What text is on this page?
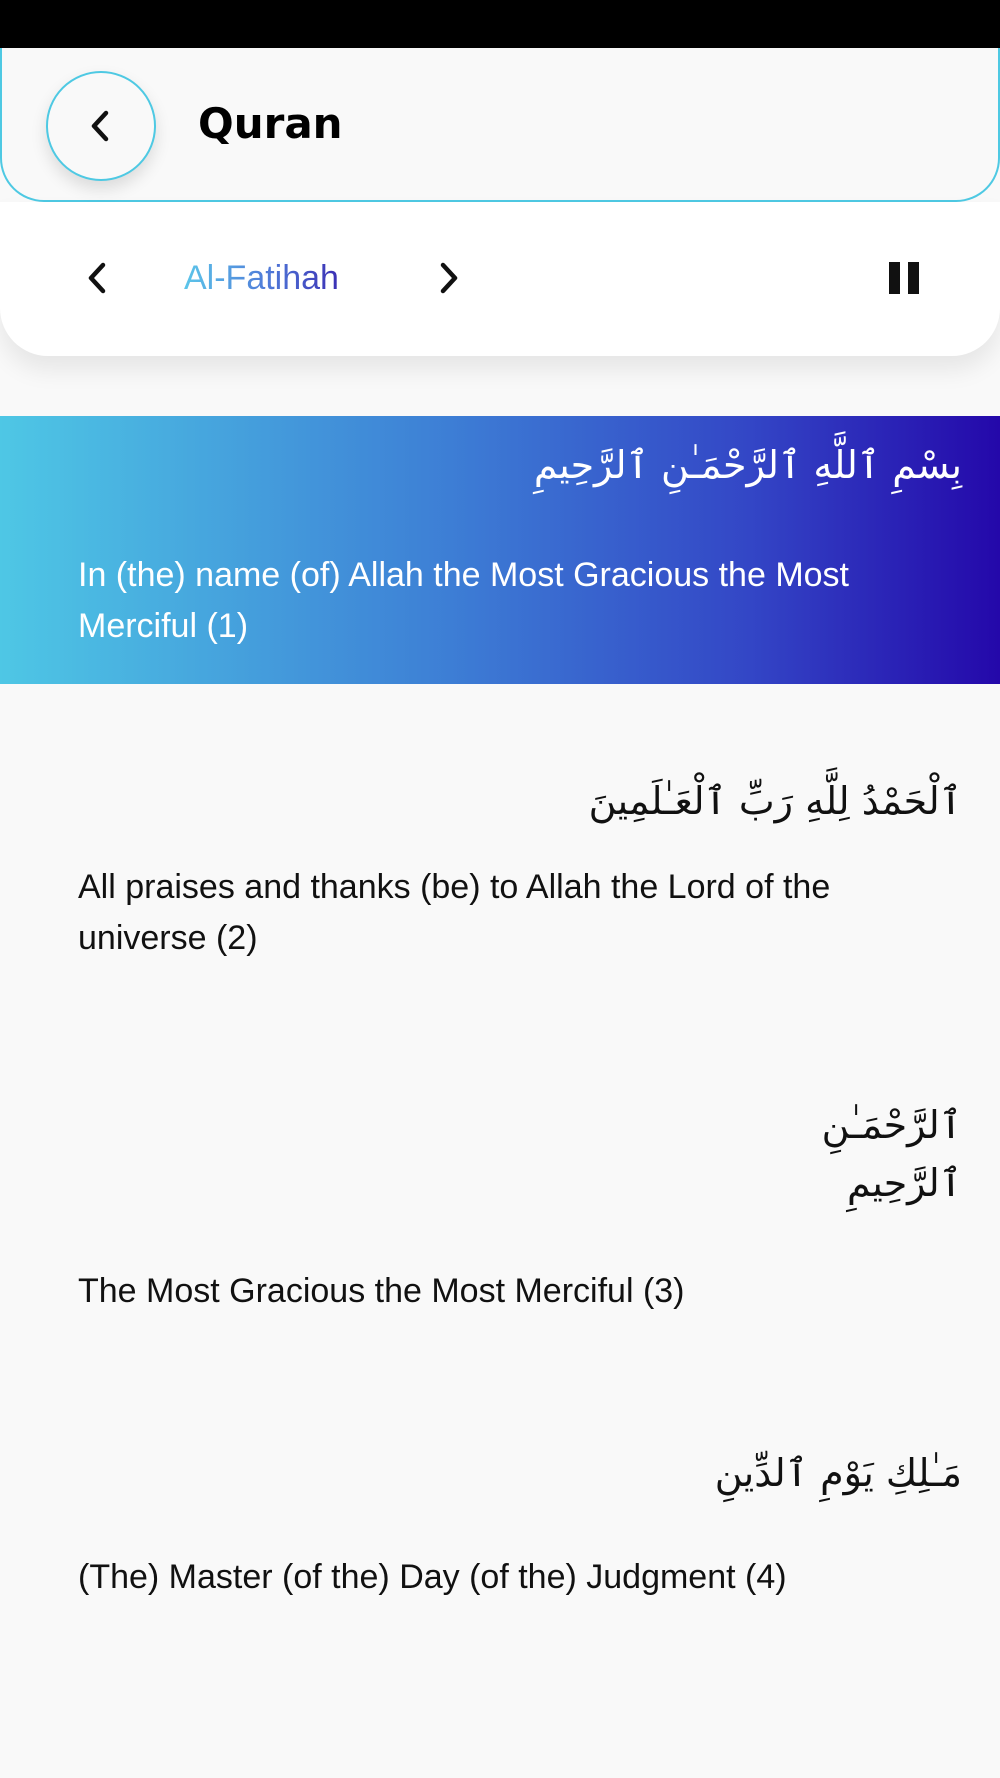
Quran
Al-Fatihah
بِسْمِ ٱللَّهِ ٱلرَّحْمَـٰنِ ٱلرَّحِيمِ
In (the) name (of) Allah the Most Gracious the Most Merciful (1)
ٱلْحَمْدُ لِلَّهِ رَبِّ ٱلْعَـٰلَمِينَ
All praises and thanks (be) to Allah the Lord of the universe (2)
ٱلرَّحْمَـٰنِ ٱلرَّحِيمِ
The Most Gracious the Most Merciful (3)
مَـٰلِكِ يَوْمِ ٱلدِّينِ
(The) Master (of the) Day (of the) Judgment (4)
